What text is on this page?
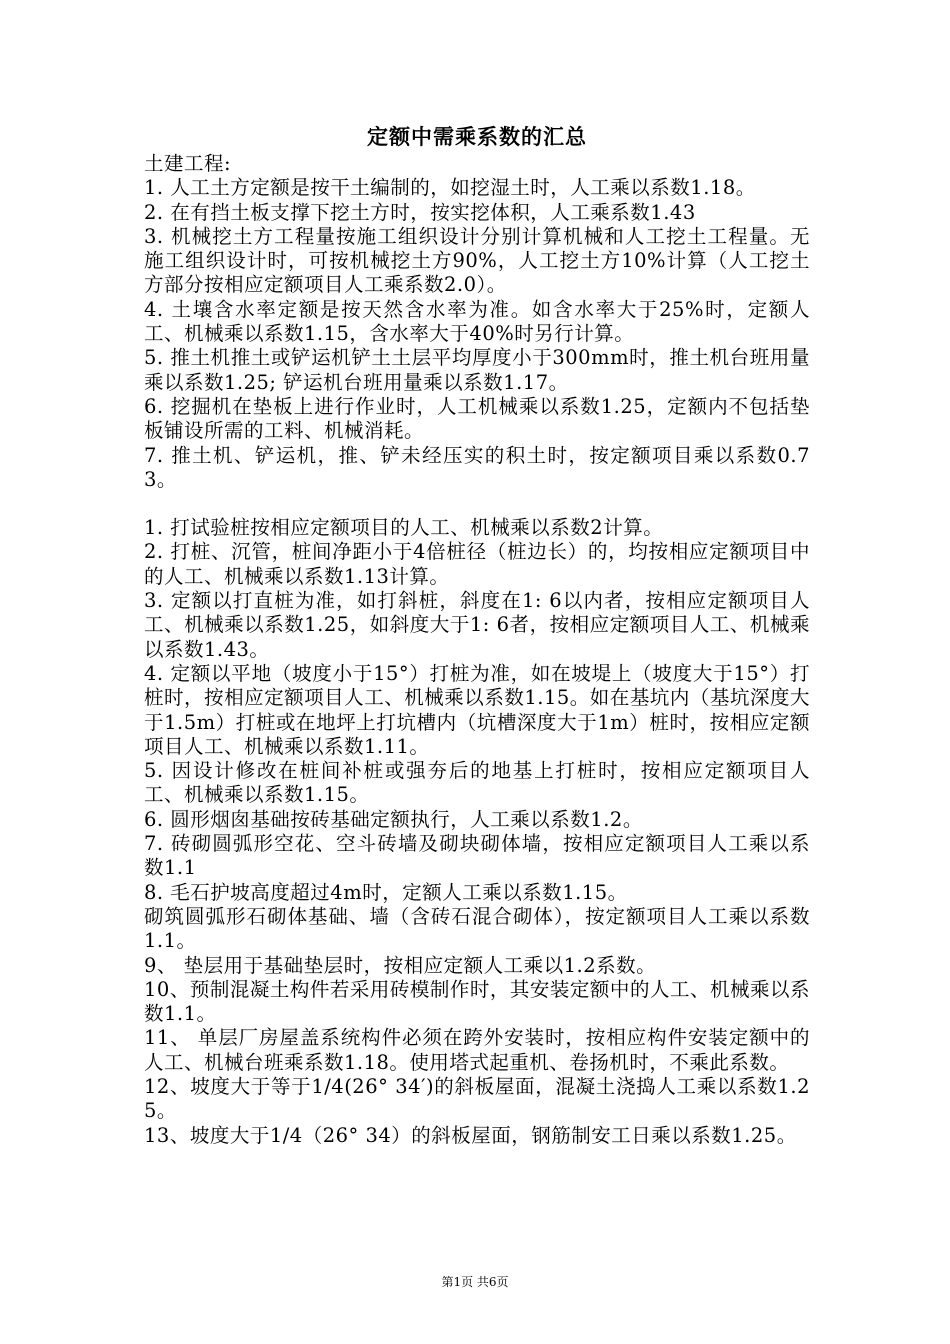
定额中需乘系数的汇总

土建工程:

1. 人工土方定额是按干土编制的，如挖湿土时，人工乘以系数1.18。

2. 在有挡土板支撑下挖土方时，按实挖体积，人工乘系数1.43

3. 机械挖土方工程量按施工组织设计分别计算机械和人工挖土工程量。无施工组织设计时，可按机械挖土方90%，人工挖土方10%计算（人工挖土方部分按相应定额项目人工乘系数2.0）。

4. 土壤含水率定额是按天然含水率为准。如含水率大于25%时，定额人工、机械乘以系数1.15，含水率大于40%时另行计算。

5. 推土机推土或铲运机铲土土层平均厚度小于300mm时，推土机台班用量乘以系数1.25; 铲运机台班用量乘以系数1.17。

6. 挖掘机在垫板上进行作业时，人工机械乘以系数1.25，定额内不包括垫板铺设所需的工料、机械消耗。

7. 推土机、铲运机，推、铲未经压实的积土时，按定额项目乘以系数0.73。

1. 打试验桩按相应定额项目的人工、机械乘以系数2计算。

2. 打桩、沉管，桩间净距小于4倍桩径（桩边长）的，均按相应定额项目中的人工、机械乘以系数1.13计算。

3. 定额以打直桩为准，如打斜桩，斜度在1: 6以内者，按相应定额项目人工、机械乘以系数1.25，如斜度大于1: 6者，按相应定额项目人工、机械乘以系数1.43。

4. 定额以平地（坡度小于15°）打桩为准，如在坡堤上（坡度大于15°）打桩时，按相应定额项目人工、机械乘以系数1.15。如在基坑内（基坑深度大于1.5m）打桩或在地坪上打坑槽内（坑槽深度大于1m）桩时，按相应定额项目人工、机械乘以系数1.11。

5. 因设计修改在桩间补桩或强夯后的地基上打桩时，按相应定额项目人工、机械乘以系数1.15。

6. 圆形烟囱基础按砖基础定额执行，人工乘以系数1.2。

7. 砖砌圆弧形空花、空斗砖墙及砌块砌体墙，按相应定额项目人工乘以系数1.1

8. 毛石护坡高度超过4m时，定额人工乘以系数1.15。

砌筑圆弧形石砌体基础、墙（含砖石混合砌体），按定额项目人工乘以系数1.1。

9、 垫层用于基础垫层时，按相应定额人工乘以1.2系数。

10、预制混凝土构件若采用砖模制作时，其安装定额中的人工、机械乘以系数1.1。

11、 单层厂房屋盖系统构件必须在跨外安装时，按相应构件安装定额中的人工、机械台班乘系数1.18。使用塔式起重机、卷扬机时，不乘此系数。

12、坡度大于等于1/4(26° 34′)的斜板屋面，混凝土浇捣人工乘以系数1.25。

13、坡度大于1/4（26° 34）的斜板屋面，钢筋制安工日乘以系数1.25。

第1页 共6页
